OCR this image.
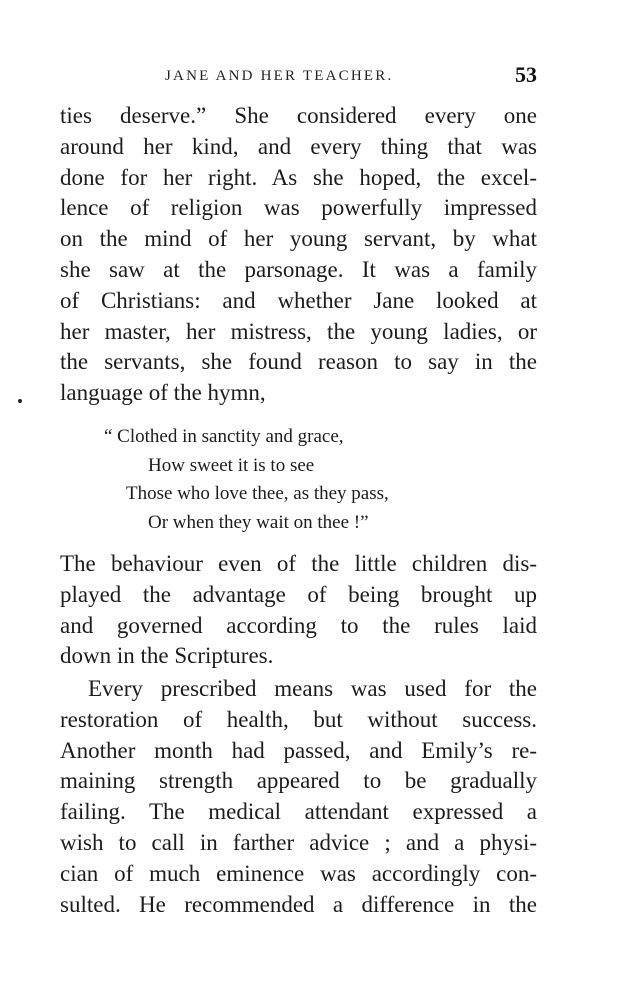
JANE AND HER TEACHER.	53
ties deserve.” She considered every one
around her kind, and every thing that was
done for her right. As she hoped, the excel-
lence of religion was powerfully impressed
on the mind of her young servant, by what
she saw at the parsonage. It was a family
of Christians: and whether Jane looked at
her master, her mistress, the young ladies, or
the servants, she found reason to say in the
language of the hymn,
“ Clothed in sanctity and grace,
How sweet it is to see
Those who love thee, as they pass,
Or when they wait on thee !”
The behaviour even of the little children dis-
played the advantage of being brought up
and governed according to the rules laid
down in the Scriptures.
Every prescribed means was used for the
restoration of health, but without success.
Another month had passed, and Emily’s re-
maining strength appeared to be gradually
failing. The medical attendant expressed a
wish to call in farther advice ; and a physi-
cian of much eminence was accordingly con-
sulted. He recommended a difference in the
